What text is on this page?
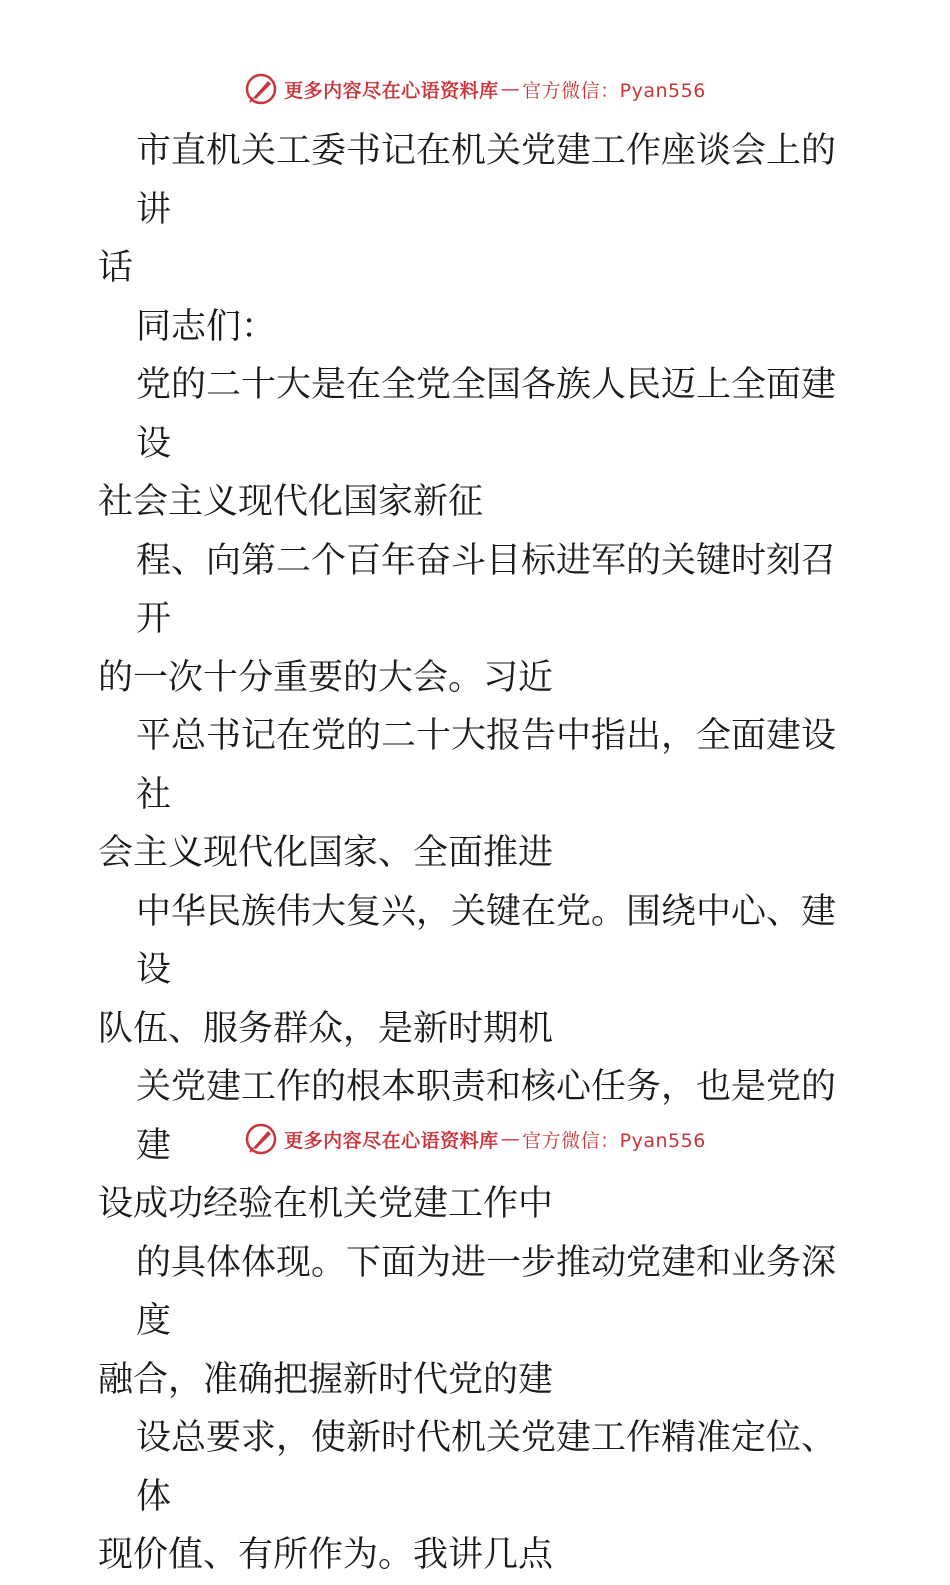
更多内容尽在心语资料库 — 官方微信：Pyan556

市直机关工委书记在机关党建工作座谈会上的讲

话

同志们：

党的二十大是在全党全国各族人民迈上全面建设

社会主义现代化国家新征

程、向第二个百年奋斗目标进军的关键时刻召开

的一次十分重要的大会。习近

平总书记在党的二十大报告中指出，全面建设社

会主义现代化国家、全面推进

中华民族伟大复兴，关键在党。围绕中心、建设

队伍、服务群众，是新时期机

关党建工作的根本职责和核心任务，也是党的建

设成功经验在机关党建工作中

的具体体现。下面为进一步推动党建和业务深度

融合，准确把握新时代党的建

设总要求，使新时代机关党建工作精准定位、体

现价值、有所作为。我讲几点

更多内容尽在心语资料库 — 官方微信：Pyan556
